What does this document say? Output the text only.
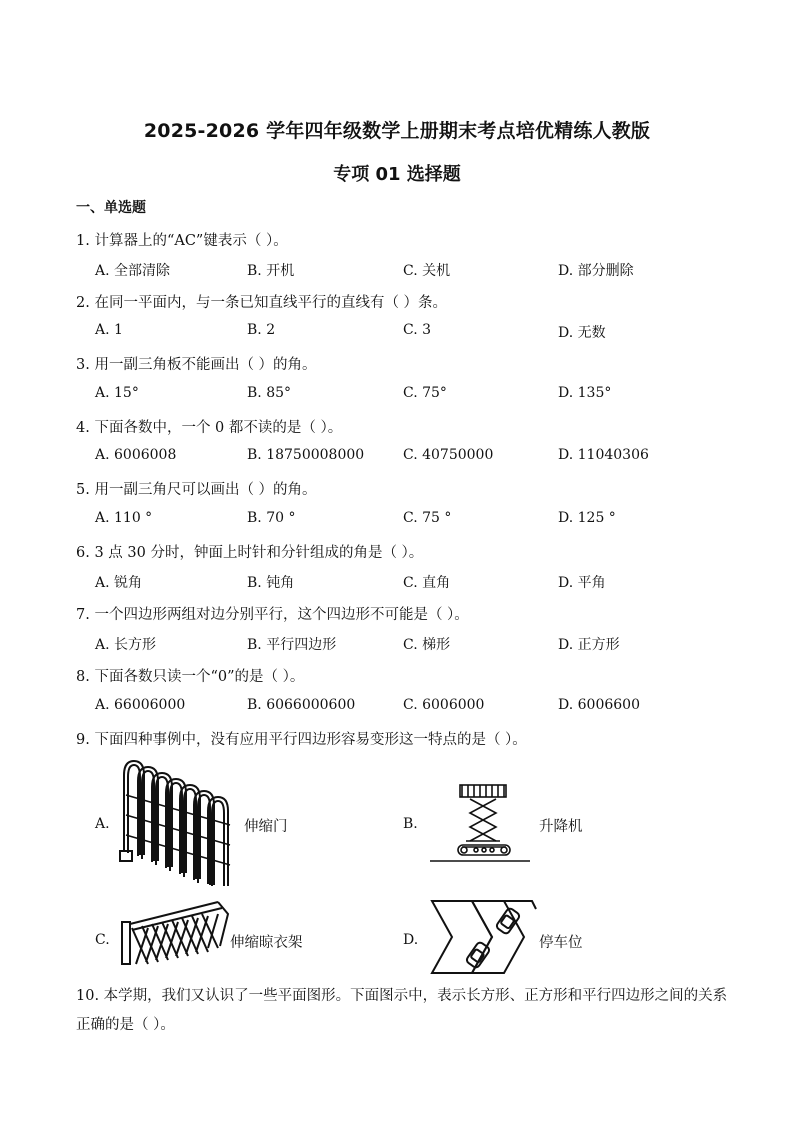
2025-2026 学年四年级数学上册期末考点培优精练人教版
专项 01 选择题
一、单选题
1. 计算器上的“AC”键表示（ ）。
A. 全部清除	B. 开机	C. 关机	D. 部分删除
2. 在同一平面内，与一条已知直线平行的直线有（ ）条。
A. 1	B. 2	C. 3	D. 无数
3. 用一副三角板不能画出（ ）的角。
A. 15°	B. 85°	C. 75°	D. 135°
4. 下面各数中，一个 0 都不读的是（ ）。
A. 6006008	B. 18750008000	C. 40750000	D. 11040306
5. 用一副三角尺可以画出（ ）的角。
A. 110 °	B. 70 °	C. 75 °	D. 125 °
6. 3 点 30 分时，钟面上时针和分针组成的角是（ ）。
A. 锐角	B. 钝角	C. 直角	D. 平角
7. 一个四边形两组对边分别平行，这个四边形不可能是（ ）。
A. 长方形	B. 平行四边形	C. 梯形	D. 正方形
8. 下面各数只读一个“0”的是（ ）。
A. 66006000	B. 6066000600	C. 6006000	D. 6006600
9. 下面四种事例中，没有应用平行四边形容易变形这一特点的是（ ）。
A.	伸缩门	B.	升降机
C.	伸缩晾衣架	D.	停车位
10. 本学期，我们又认识了一些平面图形。下面图示中，表示长方形、正方形和平行四边形之间的关系正确的是（ ）。
